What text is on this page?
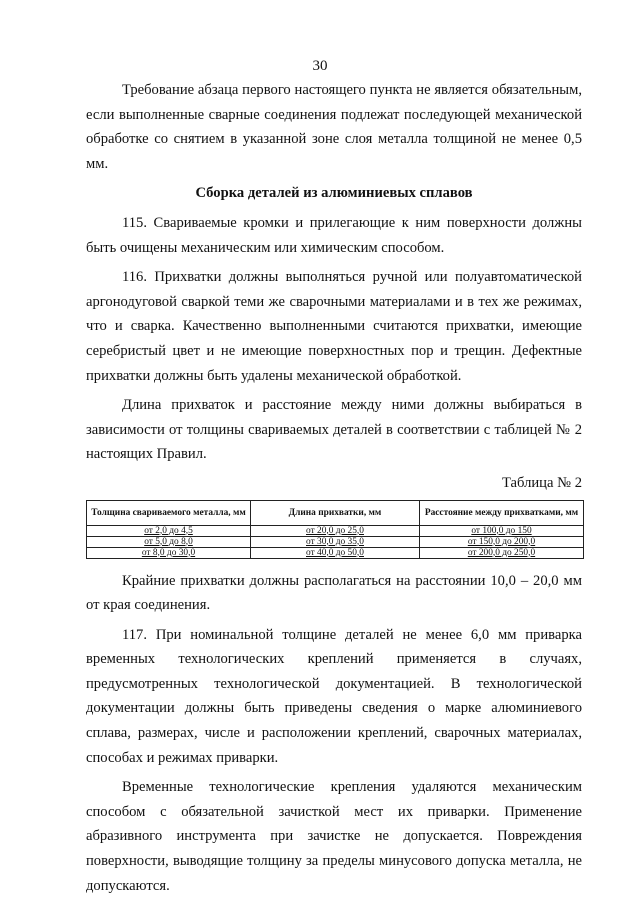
30

Требование абзаца первого настоящего пункта не является обязательным, если выполненные сварные соединения подлежат последующей механической обработке со снятием в указанной зоне слоя металла толщиной не менее 0,5 мм.

Сборка деталей из алюминиевых сплавов

115. Свариваемые кромки и прилегающие к ним поверхности должны быть очищены механическим или химическим способом.

116. Прихватки должны выполняться ручной или полуавтоматической аргонодуговой сваркой теми же сварочными материалами и в тех же режимах, что и сварка. Качественно выполненными считаются прихватки, имеющие серебристый цвет и не имеющие поверхностных пор и трещин. Дефектные прихватки должны быть удалены механической обработкой.

Длина прихваток и расстояние между ними должны выбираться в зависимости от толщины свариваемых деталей в соответствии с таблицей № 2 настоящих Правил.

Таблица № 2

Толщина свариваемого металла, мм	Длина прихватки, мм	Расстояние между прихватками, мм
от 2,0 до 4,5	от 20,0 до 25,0	от 100,0 до 150
от 5,0 до 8,0	от 30,0 до 35,0	от 150,0 до 200,0
от 8,0 до 30,0	от 40,0 до 50,0	от 200,0 до 250,0

Крайние прихватки должны располагаться на расстоянии 10,0 – 20,0 мм от края соединения.

117. При номинальной толщине деталей не менее 6,0 мм приварка временных технологических креплений применяется в случаях, предусмотренных технологической документацией. В технологической документации должны быть приведены сведения о марке алюминиевого сплава, размерах, числе и расположении креплений, сварочных материалах, способах и режимах приварки.

Временные технологические крепления удаляются механическим способом с обязательной зачисткой мест их приварки. Применение абразивного инструмента при зачистке не допускается. Повреждения поверхности, выводящие толщину за пределы минусового допуска металла, не допускаются.
